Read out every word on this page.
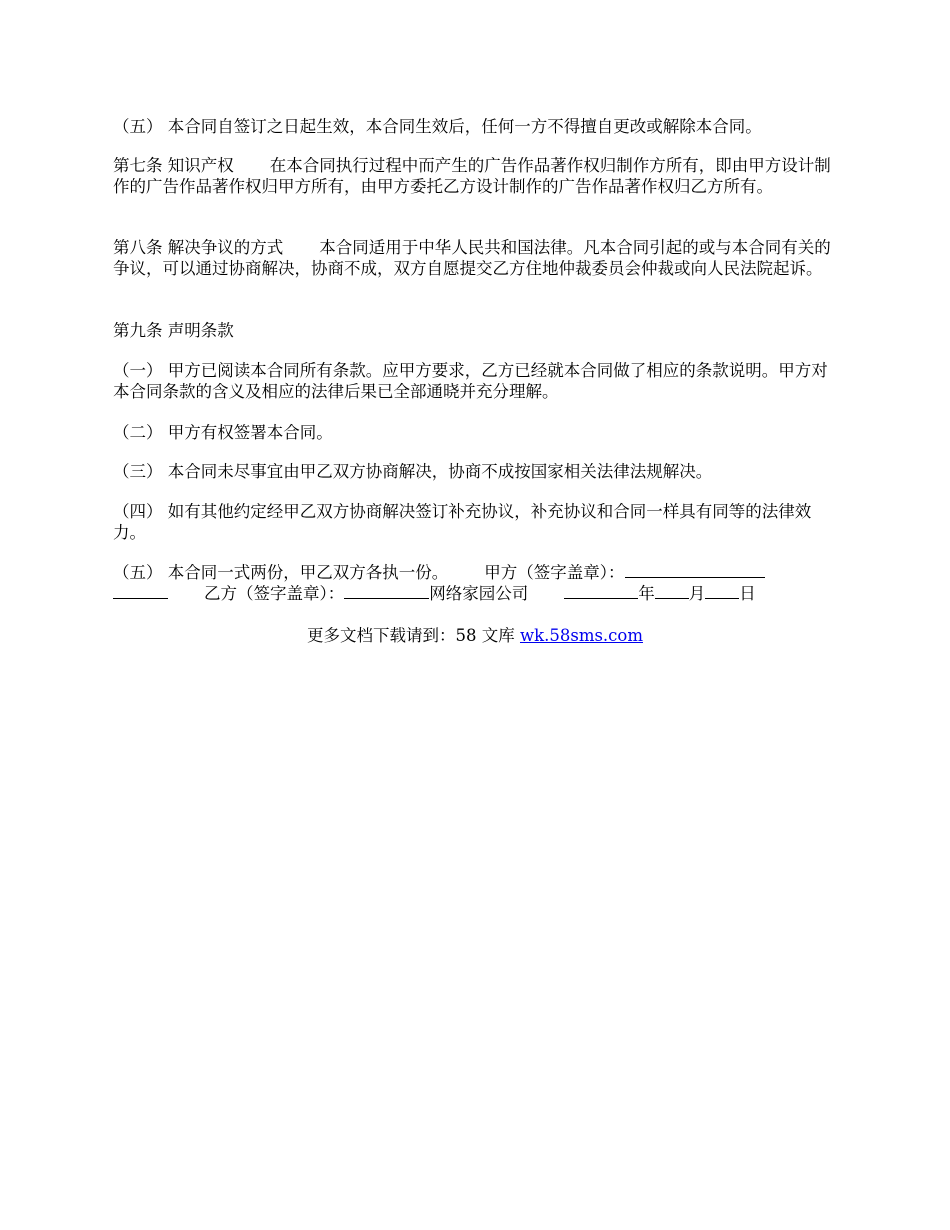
（五） 本合同自签订之日起生效，本合同生效后，任何一方不得擅自更改或解除本合同。

第七条 知识产权 在本合同执行过程中而产生的广告作品著作权归制作方所有，即由甲方设计制作的广告作品著作权归甲方所有，由甲方委托乙方设计制作的广告作品著作权归乙方所有。

第八条 解决争议的方式 本合同适用于中华人民共和国法律。凡本合同引起的或与本合同有关的争议，可以通过协商解决，协商不成，双方自愿提交乙方住地仲裁委员会仲裁或向人民法院起诉。

第九条 声明条款

（一） 甲方已阅读本合同所有条款。应甲方要求，乙方已经就本合同做了相应的条款说明。甲方对本合同条款的含义及相应的法律后果已全部通晓并充分理解。

（二） 甲方有权签署本合同。

（三） 本合同未尽事宜由甲乙双方协商解决，协商不成按国家相关法律法规解决。

（四） 如有其他约定经甲乙双方协商解决签订补充协议，补充协议和合同一样具有同等的法律效力。

（五） 本合同一式两份，甲乙双方各执一份。 甲方（签字盖章）：
乙方（签字盖章）：	网络家园公司	年 月 日

更多文档下载请到：58 文库 wk.58sms.com
